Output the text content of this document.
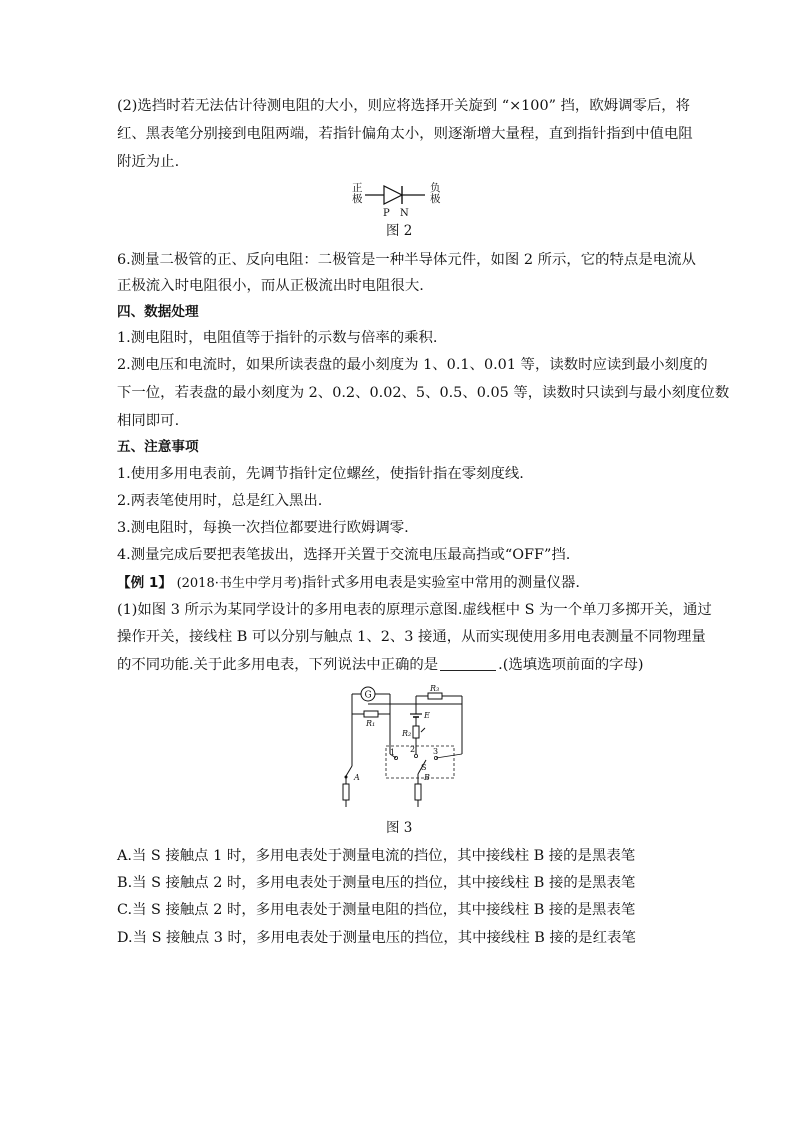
(2)选挡时若无法估计待测电阻的大小，则应将选择开关旋到 “×100” 挡，欧姆调零后，将
红、黑表笔分别接到电阻两端，若指针偏角太小，则逐渐增大量程，直到指针指到中值电阻
附近为止.
正极
负极
P N
图 2
6.测量二极管的正、反向电阻：二极管是一种半导体元件，如图 2 所示，它的特点是电流从
正极流入时电阻很小，而从正极流出时电阻很大.
四、数据处理
1.测电阻时，电阻值等于指针的示数与倍率的乘积.
2.测电压和电流时，如果所读表盘的最小刻度为 1、0.1、0.01 等，读数时应读到最小刻度的
下一位，若表盘的最小刻度为 2、0.2、0.02、5、0.5、0.05 等，读数时只读到与最小刻度位数
相同即可.
五、注意事项
1.使用多用电表前，先调节指针定位螺丝，使指针指在零刻度线.
2.两表笔使用时，总是红入黑出.
3.测电阻时，每换一次挡位都要进行欧姆调零.
4.测量完成后要把表笔拔出，选择开关置于交流电压最高挡或“OFF”挡.
【例 1】 (2018·书生中学月考)指针式多用电表是实验室中常用的测量仪器.
(1)如图 3 所示为某同学设计的多用电表的原理示意图.虚线框中 S 为一个单刀多掷开关，通过
操作开关，接线柱 B 可以分别与触点 1、2、3 接通，从而实现使用多用电表测量不同物理量
的不同功能.关于此多用电表，下列说法中正确的是	.(选填选项前面的字母)
G
R₁
A
R₃
E
R₂
1 2 3
S
B
图 3
A.当 S 接触点 1 时，多用电表处于测量电流的挡位，其中接线柱 B 接的是黑表笔
B.当 S 接触点 2 时，多用电表处于测量电压的挡位，其中接线柱 B 接的是黑表笔
C.当 S 接触点 2 时，多用电表处于测量电阻的挡位，其中接线柱 B 接的是黑表笔
D.当 S 接触点 3 时，多用电表处于测量电压的挡位，其中接线柱 B 接的是红表笔
